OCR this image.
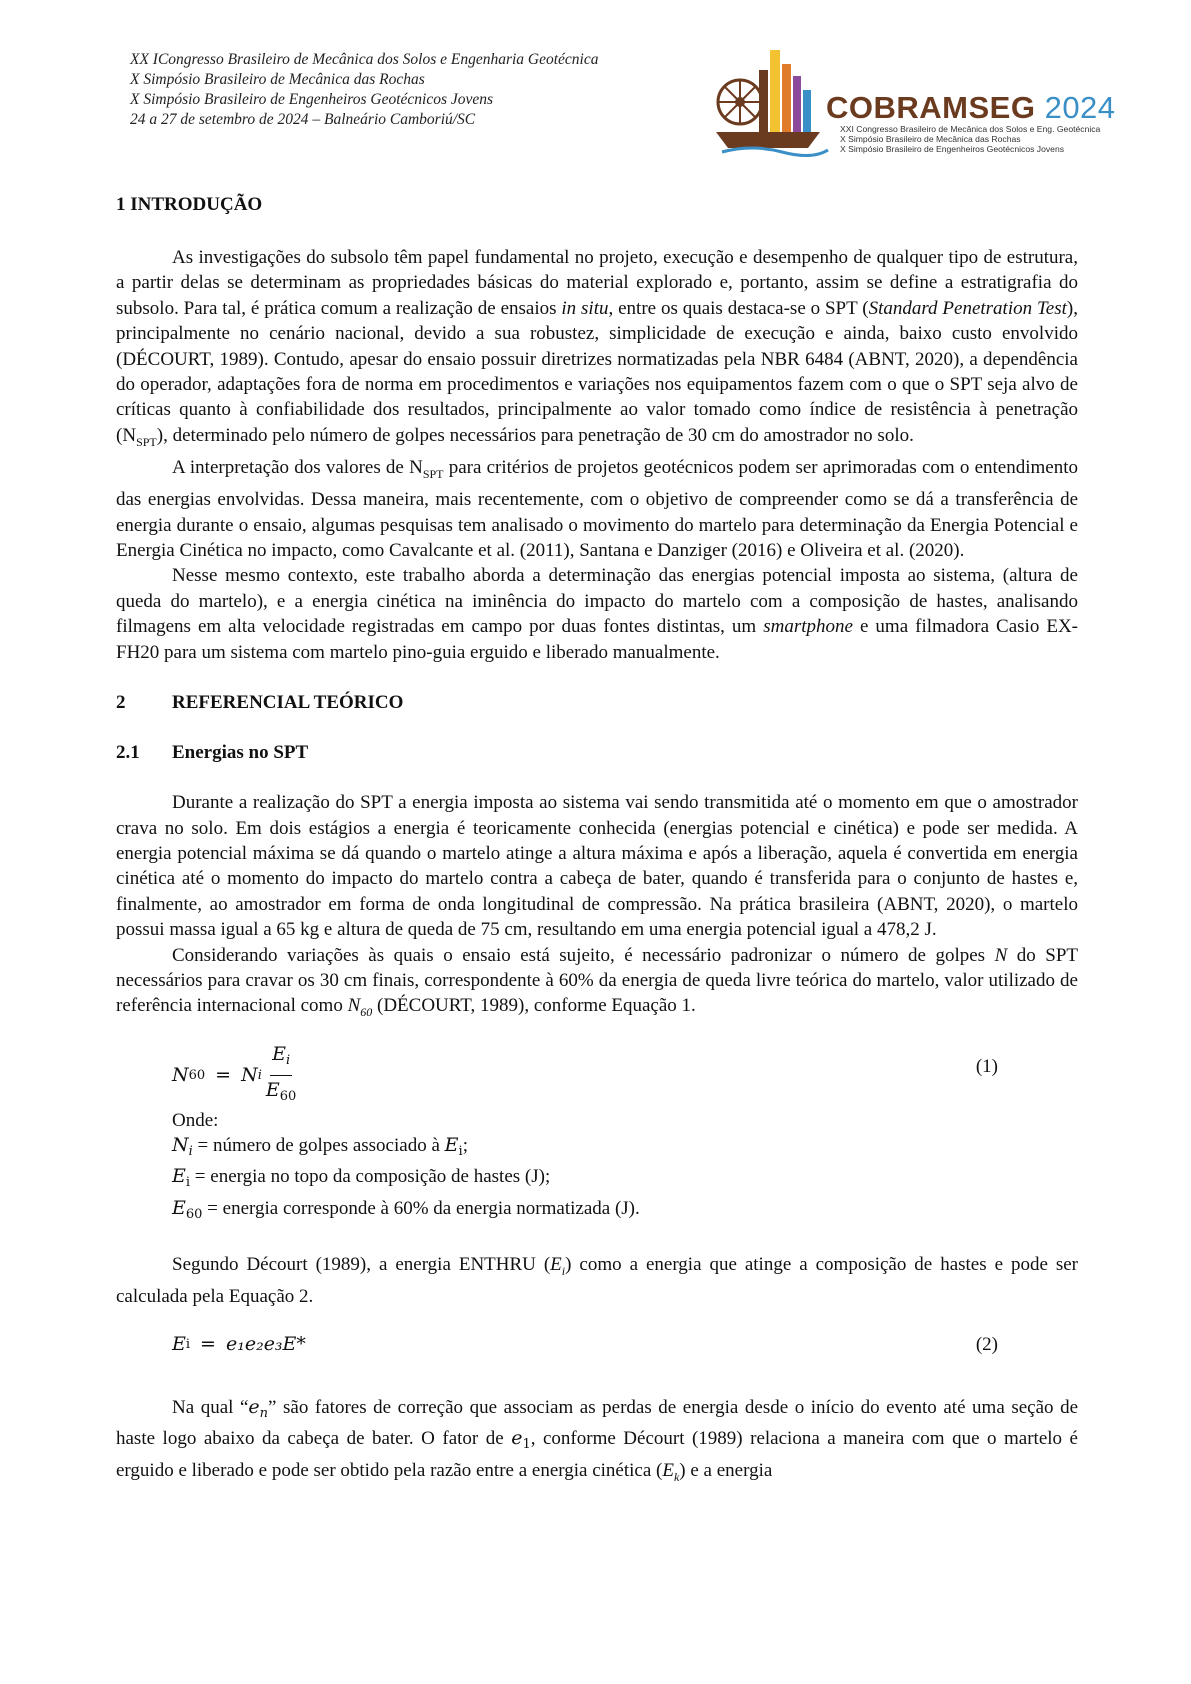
XX ICongresso Brasileiro de Mecânica dos Solos e Engenharia Geotécnica
X Simpósio Brasileiro de Mecânica das Rochas
X Simpósio Brasileiro de Engenheiros Geotécnicos Jovens
24 a 27 de setembro de 2024 – Balneário Camboriú/SC	COBRAMSEG 2024
XXI Congresso Brasileiro de Mecânica dos Solos e Eng. Geotécnica
X Simpósio Brasileiro de Mecânica das Rochas
X Simpósio Brasileiro de Engenheiros Geotécnicos Jovens
1 INTRODUÇÃO

As investigações do subsolo têm papel fundamental no projeto, execução e desempenho de qualquer tipo de estrutura, a partir delas se determinam as propriedades básicas do material explorado e, portanto, assim se define a estratigrafia do subsolo. Para tal, é prática comum a realização de ensaios in situ, entre os quais destaca-se o SPT (Standard Penetration Test), principalmente no cenário nacional, devido a sua robustez, simplicidade de execução e ainda, baixo custo envolvido (DÉCOURT, 1989). Contudo, apesar do ensaio possuir diretrizes normatizadas pela NBR 6484 (ABNT, 2020), a dependência do operador, adaptações fora de norma em procedimentos e variações nos equipamentos fazem com o que o SPT seja alvo de críticas quanto à confiabilidade dos resultados, principalmente ao valor tomado como índice de resistência à penetração $(N_{SPT})$, determinado pelo número de golpes necessários para penetração de 30 cm do amostrador no solo.

A interpretação dos valores de $N_{SPT}$ para critérios de projetos geotécnicos podem ser aprimoradas com o entendimento das energias envolvidas. Dessa maneira, mais recentemente, com o objetivo de compreender como se dá a transferência de energia durante o ensaio, algumas pesquisas tem analisado o movimento do martelo para determinação da Energia Potencial e Energia Cinética no impacto, como Cavalcante et al. (2011), Santana e Danziger (2016) e Oliveira et al. (2020).

Nesse mesmo contexto, este trabalho aborda a determinação das energias potencial imposta ao sistema, (altura de queda do martelo), e a energia cinética na iminência do impacto do martelo com a composição de hastes, analisando filmagens em alta velocidade registradas em campo por duas fontes distintas, um smartphone e uma filmadora Casio EX-FH20 para um sistema com martelo pino-guia erguido e liberado manualmente.

2 REFERENCIAL TEÓRICO
2.1 Energias no SPT

Durante a realização do SPT a energia imposta ao sistema vai sendo transmitida até o momento em que o amostrador crava no solo. Em dois estágios a energia é teoricamente conhecida (energias potencial e cinética) e pode ser medida. A energia potencial máxima se dá quando o martelo atinge a altura máxima e após a liberação, aquela é convertida em energia cinética até o momento do impacto do martelo contra a cabeça de bater, quando é transferida para o conjunto de hastes e, finalmente, ao amostrador em forma de onda longitudinal de compressão. Na prática brasileira (ABNT, 2020), o martelo possui massa igual a 65 kg e altura de queda de 75 cm, resultando em uma energia potencial igual a 478,2 J.

Considerando variações às quais o ensaio está sujeito, é necessário padronizar o número de golpes N do SPT necessários para cravar os 30 cm finais, correspondente à 60% da energia de queda livre teórica do martelo, valor utilizado de referência internacional como $N_{60}$ (DÉCOURT, 1989), conforme Equação 1.

N 60 = N i $\frac{E_i}{E_{60}}$	(1)
Onde:
$N_i$ = número de golpes associado à $E_i$;
$E_i$ = energia no topo da composição de hastes (J);
$E_{60}$ = energia corresponde à 60% da energia normatizada (J).

Segundo Décourt (1989), a energia ENTHRU $(E_i)$ como a energia que atinge a composição de hastes e pode ser calculada pela Equação 2.

E i = e₁e₂e₃E*	(2)

Na qual “$e_n$” são fatores de correção que associam as perdas de energia desde o início do evento até uma seção de haste logo abaixo da cabeça de bater. O fator de $e_1$, conforme Décourt (1989) relaciona a maneira com que o martelo é erguido e liberado e pode ser obtido pela razão entre a energia cinética $(E_k)$ e a energia
